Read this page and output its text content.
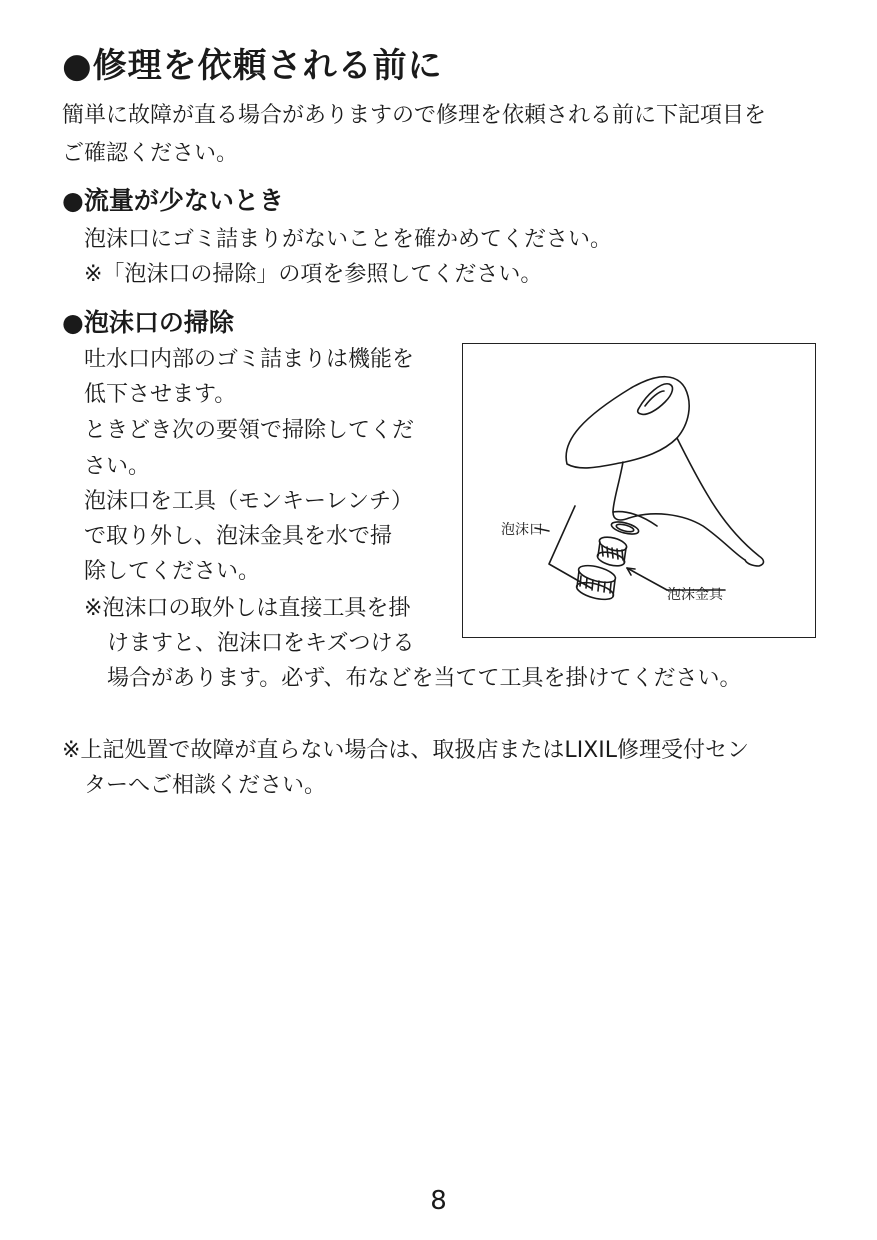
●修理を依頼される前に
簡単に故障が直る場合がありますので修理を依頼される前に下記項目を
ご確認ください。
●流量が少ないとき
泡沫口にゴミ詰まりがないことを確かめてください。
※「泡沫口の掃除」の項を参照してください。
●泡沫口の掃除
吐水口内部のゴミ詰まりは機能を
低下させます。
ときどき次の要領で掃除してくだ
さい。
泡沫口を工具（モンキーレンチ）
で取り外し、泡沫金具を水で掃
除してください。
※泡沫口の取外しは直接工具を掛
けますと、泡沫口をキズつける
場合があります。必ず、布などを当てて工具を掛けてください。
泡沫口
泡沫金具
※上記処置で故障が直らない場合は、取扱店またはLIXIL修理受付セン
ターへご相談ください。
8
